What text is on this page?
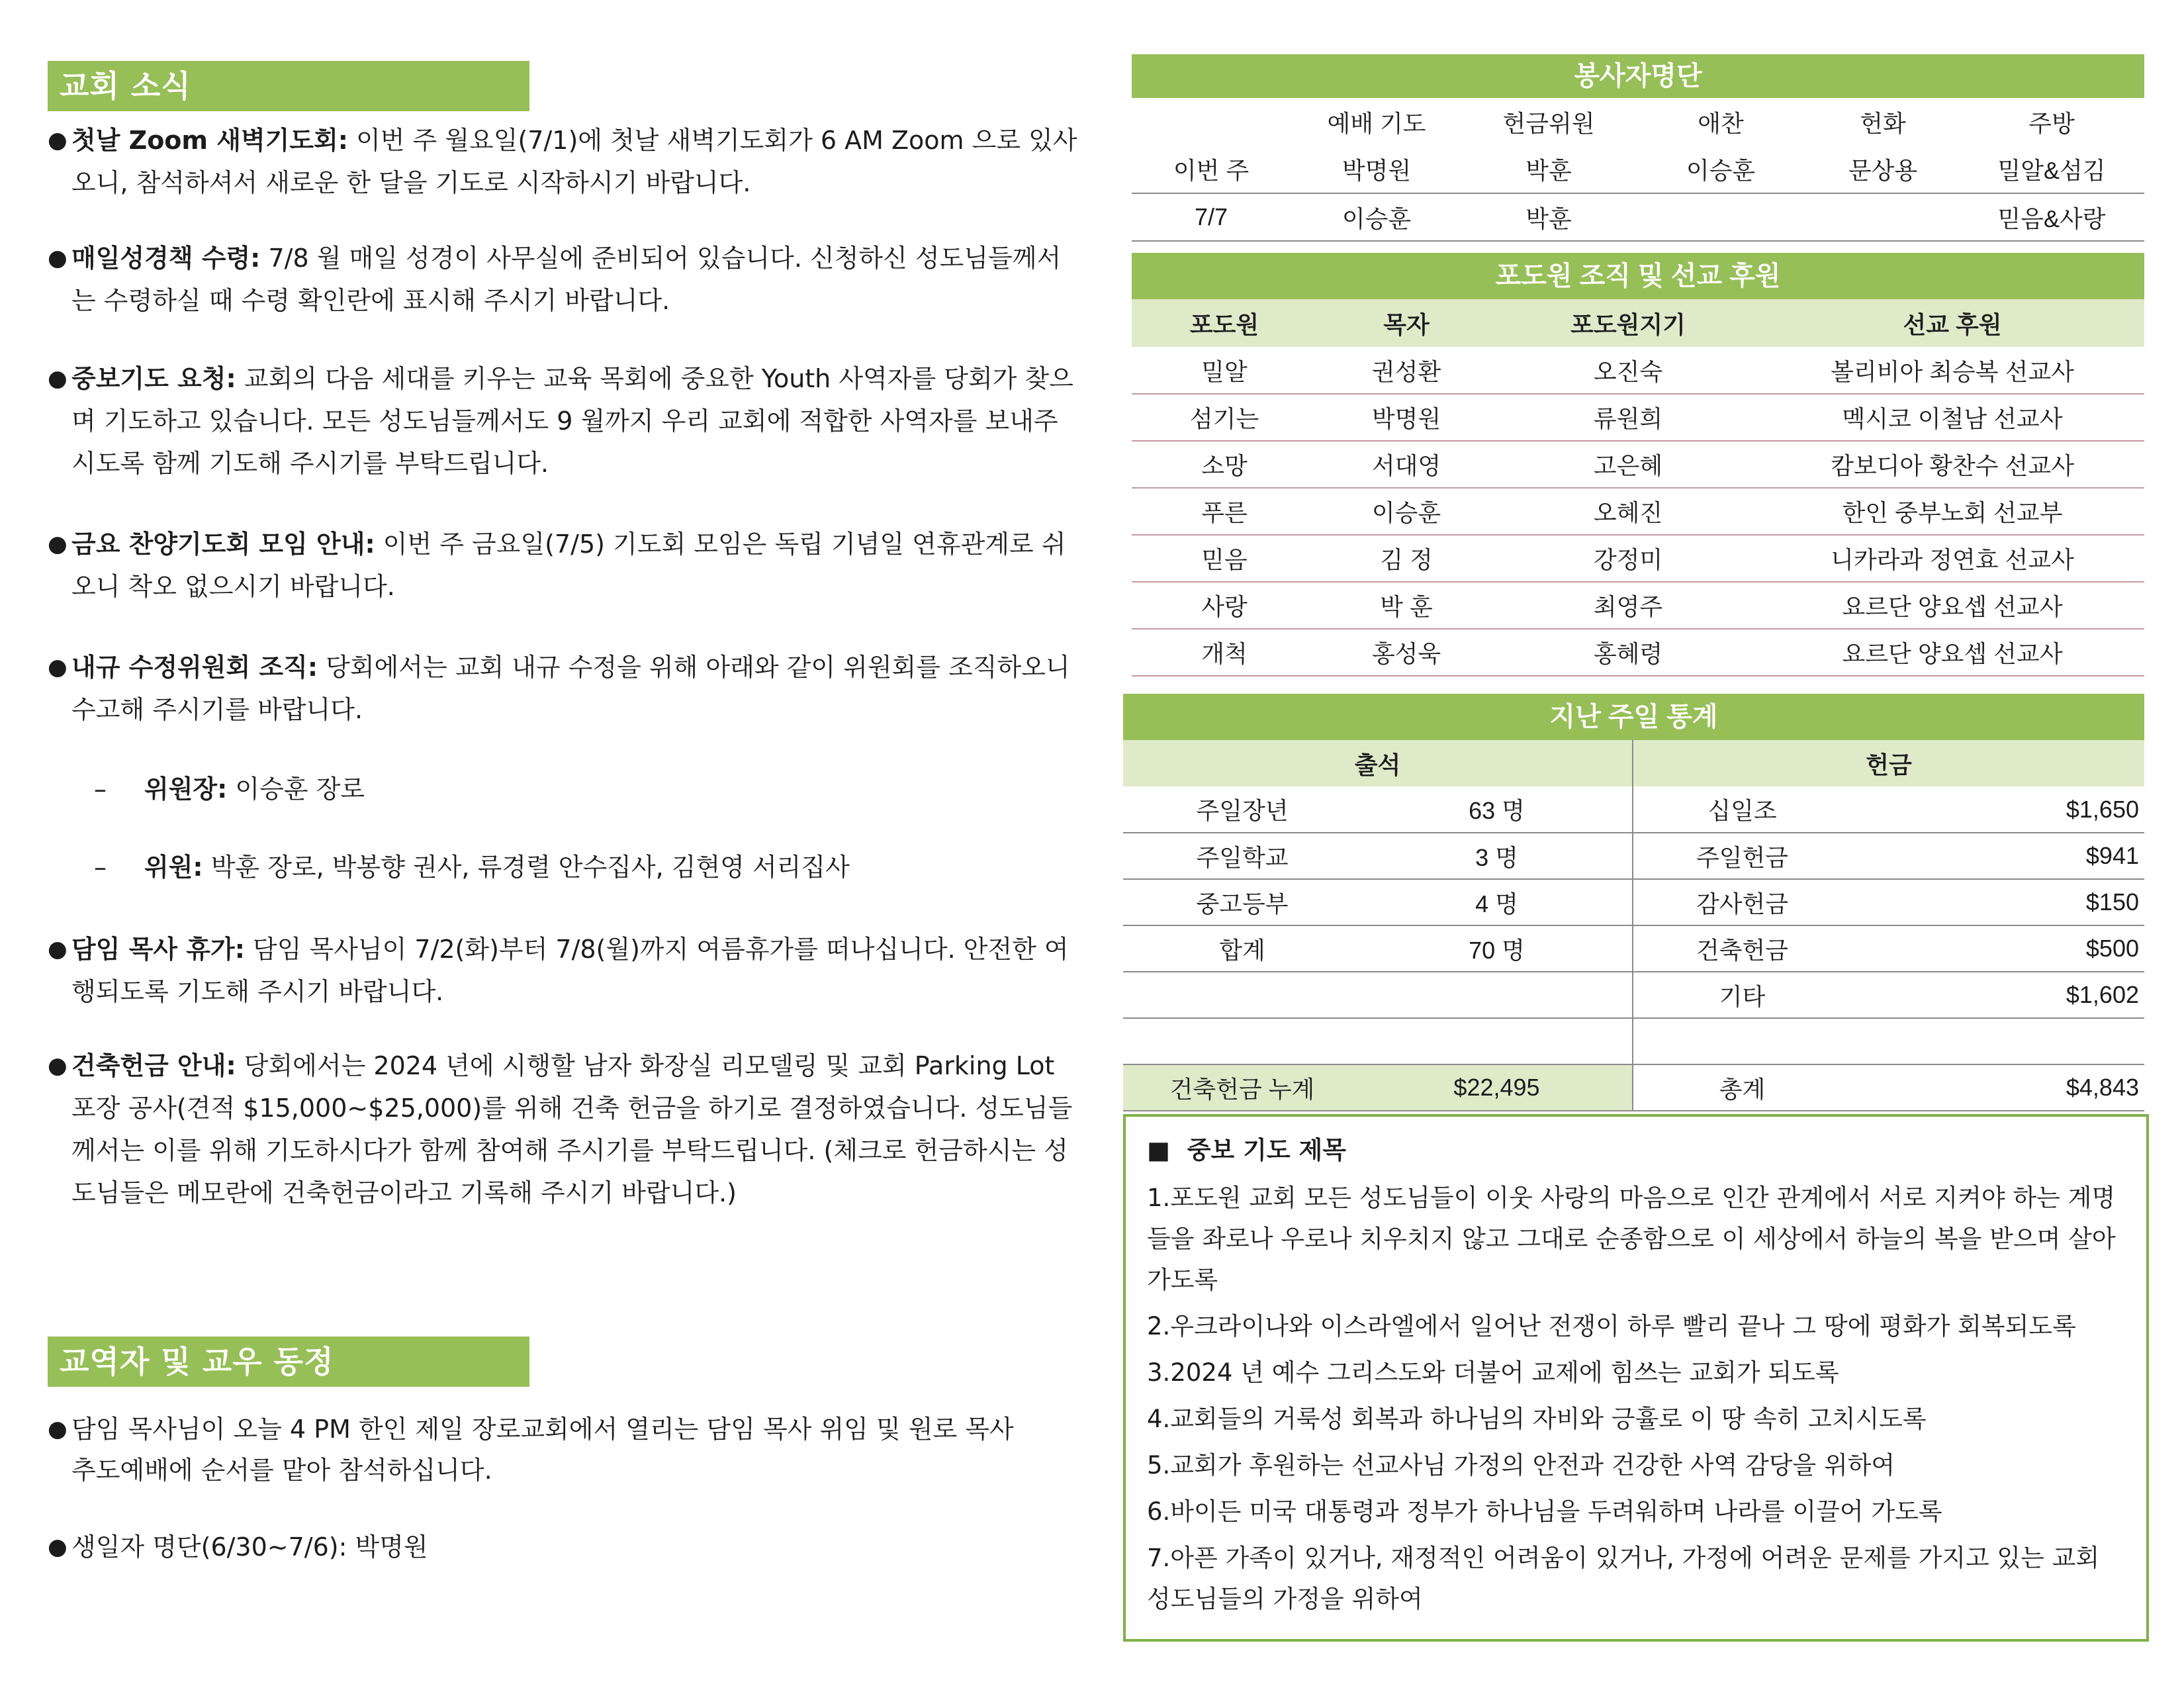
교회 소식
● 첫날 Zoom 새벽기도회: 이번 주 월요일(7/1)에 첫날 새벽기도회가 6 AM Zoom 으로 있사오니, 참석하셔서 새로운 한 달을 기도로 시작하시기 바랍니다.
● 매일성경책 수령: 7/8 월 매일 성경이 사무실에 준비되어 있습니다. 신청하신 성도님들께서는 수령하실 때 수령 확인란에 표시해 주시기 바랍니다.
● 중보기도 요청: 교회의 다음 세대를 키우는 교육 목회에 중요한 Youth 사역자를 당회가 찾으며 기도하고 있습니다. 모든 성도님들께서도 9 월까지 우리 교회에 적합한 사역자를 보내주시도록 함께 기도해 주시기를 부탁드립니다.
● 금요 찬양기도회 모임 안내: 이번 주 금요일(7/5) 기도회 모임은 독립 기념일 연휴관계로 쉬오니 착오 없으시기 바랍니다.
● 내규 수정위원회 조직: 당회에서는 교회 내규 수정을 위해 아래와 같이 위원회를 조직하오니 수고해 주시기를 바랍니다.
– 위원장: 이승훈 장로
– 위원: 박훈 장로, 박봉향 권사, 류경렬 안수집사, 김현영 서리집사
● 담임 목사 휴가: 담임 목사님이 7/2(화)부터 7/8(월)까지 여름휴가를 떠나십니다. 안전한 여행되도록 기도해 주시기 바랍니다.
● 건축헌금 안내: 당회에서는 2024 년에 시행할 남자 화장실 리모델링 및 교회 Parking Lot 포장 공사(견적 $15,000~$25,000)를 위해 건축 헌금을 하기로 결정하였습니다. 성도님들께서는 이를 위해 기도하시다가 함께 참여해 주시기를 부탁드립니다. (체크로 헌금하시는 성도님들은 메모란에 건축헌금이라고 기록해 주시기 바랍니다.)
교역자 및 교우 동정
● 담임 목사님이 오늘 4 PM 한인 제일 장로교회에서 열리는 담임 목사 위임 및 원로 목사 추도예배에 순서를 맡아 참석하십니다.
● 생일자 명단(6/30~7/6): 박명원
봉사자명단
	예배 기도	헌금위원	애찬	헌화	주방
이번 주	박명원	박훈	이승훈	문상용	밀알&섬김
7/7	이승훈	박훈			믿음&사랑
포도원 조직 및 선교 후원
포도원	목자	포도원지기	선교 후원
밀알	권성환	오진숙	볼리비아 최승복 선교사
섬기는	박명원	류원희	멕시코 이철남 선교사
소망	서대영	고은혜	캄보디아 황찬수 선교사
푸른	이승훈	오혜진	한인 중부노회 선교부
믿음	김 정	강정미	니카라과 정연효 선교사
사랑	박 훈	최영주	요르단 양요셉 선교사
개척	홍성욱	홍혜령	요르단 양요셉 선교사
지난 주일 통계
출석		헌금	
주일장년	63 명	십일조	$1,650
주일학교	3 명	주일헌금	$941
중고등부	4 명	감사헌금	$150
합계	70 명	건축헌금	$500
		기타	$1,602

건축헌금 누계	$22,495	총계	$4,843
■  중보 기도 제목
1.포도원 교회 모든 성도님들이 이웃 사랑의 마음으로 인간 관계에서 서로 지켜야 하는 계명들을 좌로나 우로나 치우치지 않고 그대로 순종함으로 이 세상에서 하늘의 복을 받으며 살아가도록
2.우크라이나와 이스라엘에서 일어난 전쟁이 하루 빨리 끝나 그 땅에 평화가 회복되도록
3.2024 년 예수 그리스도와 더불어 교제에 힘쓰는 교회가 되도록
4.교회들의 거룩성 회복과 하나님의 자비와 긍휼로 이 땅 속히 고치시도록
5.교회가 후원하는 선교사님 가정의 안전과 건강한 사역 감당을 위하여
6.바이든 미국 대통령과 정부가 하나님을 두려워하며 나라를 이끌어 가도록
7.아픈 가족이 있거나, 재정적인 어려움이 있거나, 가정에 어려운 문제를 가지고 있는 교회 성도님들의 가정을 위하여
